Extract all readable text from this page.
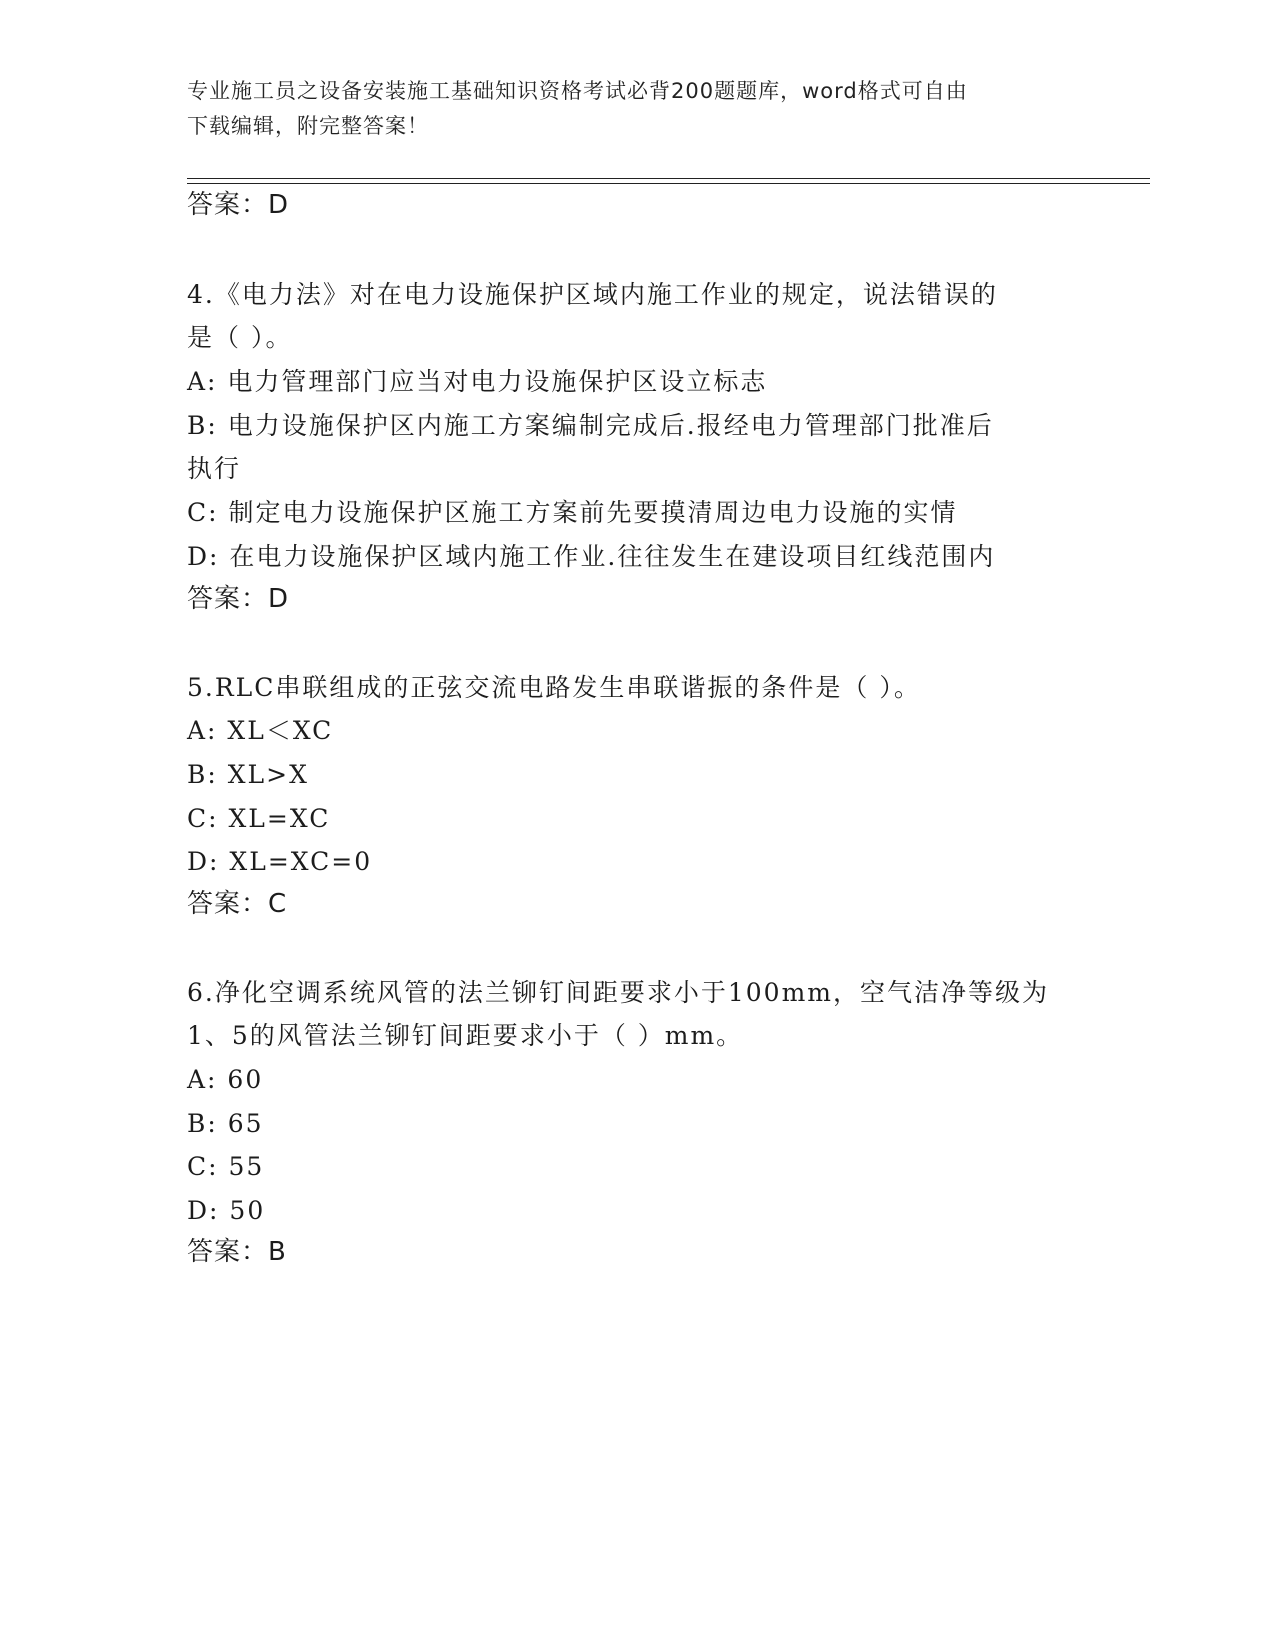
专业施工员之设备安装施工基础知识资格考试必背200题题库，word格式可自由
下载编辑，附完整答案！
答案：D
4.《电力法》对在电力设施保护区域内施工作业的规定，说法错误的
是（ ）。
A: 电力管理部门应当对电力设施保护区设立标志
B: 电力设施保护区内施工方案编制完成后.报经电力管理部门批准后
执行
C: 制定电力设施保护区施工方案前先要摸清周边电力设施的实情
D: 在电力设施保护区域内施工作业.往往发生在建设项目红线范围内
答案：D
5.RLC串联组成的正弦交流电路发生串联谐振的条件是（ ）。
A: XL＜XC
B: XL>X
C: XL=XC
D: XL=XC=0
答案：C
6.净化空调系统风管的法兰铆钉间距要求小于100mm，空气洁净等级为
1、5的风管法兰铆钉间距要求小于（ ）mm。
A: 60
B: 65
C: 55
D: 50
答案：B
